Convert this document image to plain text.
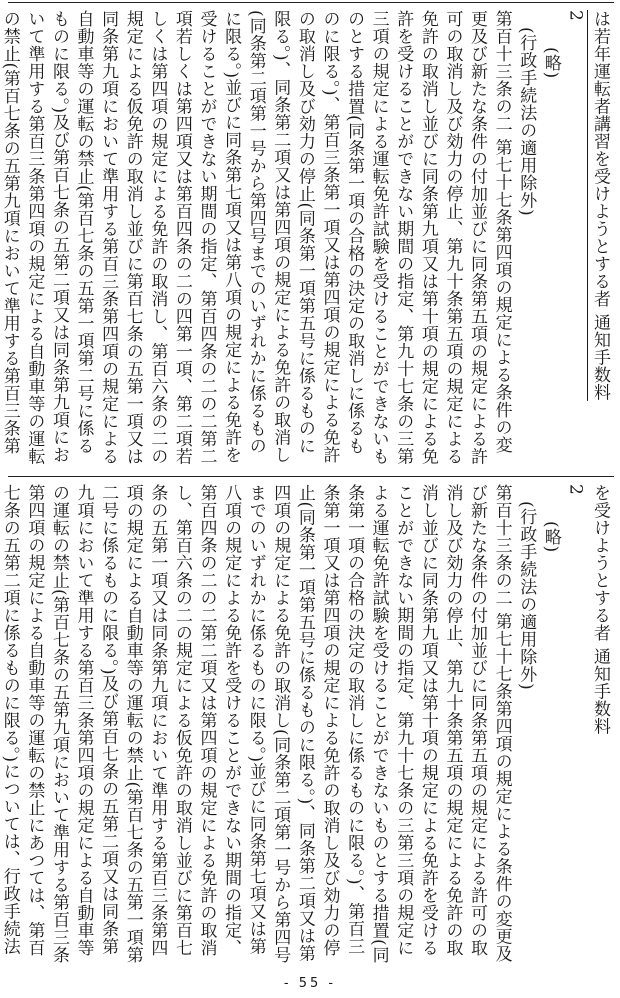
は若年運転者講習を受けようとする者 通知手数料

2

(略)

(行政手続法の適用除外)

第百十三条の二 第七十七条第四項の規定による条件の変更及び新たな条件の付加並びに同条第五項の規定による許可の取消し及び効力の停止、第九十条第五項の規定による免許の取消し並びに同条第九項又は第十項の規定による免許を受けることができない期間の指定、第九十七条の三第三項の規定による運転免許試験を受けることができないものとする措置(同条第一項の合格の決定の取消しに係るものに限る。)、第百三条第一項又は第四項の規定による免許の取消し及び効力の停止(同条第一項第五号に係るものに限る。)、同条第二項又は第四項の規定による免許の取消し(同条第二項第一号から第四号までのいずれかに係るものに限る。)並びに同条第七項又は第八項の規定による免許を受けることができない期間の指定、第百四条の二の二第二項若しくは第四項又は第百四条の二の四第一項、第二項若しくは第四項の規定による免許の取消し、第百六条の二の規定による仮免許の取消し並びに第百七条の五第一項又は同条第九項において準用する第百三条第四項の規定による自動車等の運転の禁止(第百七条の五第一項第二号に係るものに限る。)及び第百七条の五第二項又は同条第九項において準用する第百三条第四項の規定による自動車等の運転の禁止(第百七条の五第九項において準用する第百三条第

を受けようとする者 通知手数料

2

(略)

(行政手続法の適用除外)

第百十三条の二 第七十七条第四項の規定による条件の変更及び新たな条件の付加並びに同条第五項の規定による許可の取消し及び効力の停止、第九十条第五項の規定による免許の取消し並びに同条第九項又は第十項の規定による免許を受けることができない期間の指定、第九十七条の三第三項の規定による運転免許試験を受けることができないものとする措置(同条第一項の合格の決定の取消しに係るものに限る。)、第百三条第一項又は第四項の規定による免許の取消し及び効力の停止(同条第一項第五号に係るものに限る。)、同条第二項又は第四項の規定による免許の取消し(同条第二項第一号から第四号までのいずれかに係るものに限る。)並びに同条第七項又は第八項の規定による免許を受けることができない期間の指定、第百四条の二の二第二項又は第四項の規定による免許の取消し、第百六条の二の規定による仮免許の取消し並びに第百七条の五第一項又は同条第九項において準用する第百三条第四項の規定による自動車等の運転の禁止(第百七条の五第一項第二号に係るものに限る。)及び第百七条の五第二項又は同条第九項において準用する第百三条第四項の規定による自動車等の運転の禁止(第百七条の五第九項において準用する第百三条第四項の規定による自動車等の運転の禁止にあつては、第百七条の五第二項に係るものに限る。)については、行政手続法

- 55 -
